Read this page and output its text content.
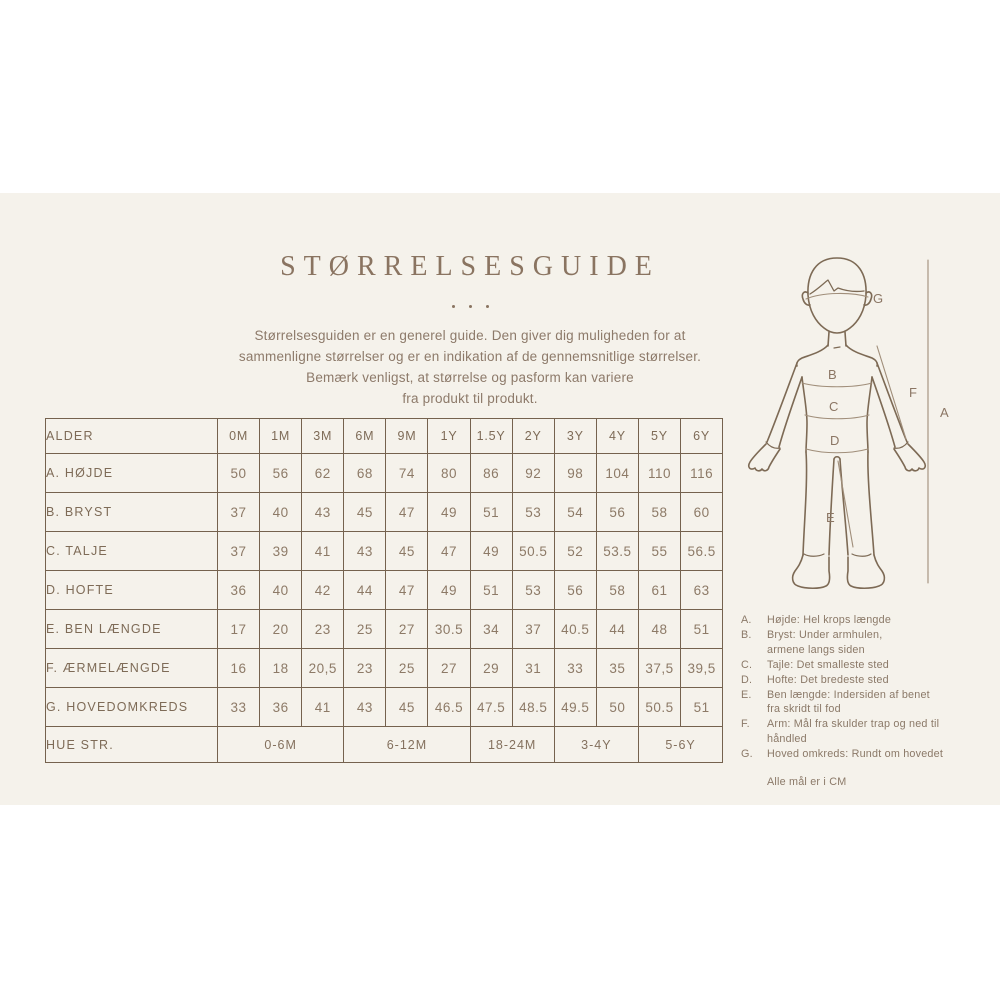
STØRRELSESGUIDE
Størrelsesguiden er en generel guide. Den giver dig muligheden for at
sammenligne størrelser og er en indikation af de gennemsnitlige størrelser.
Bemærk venligst, at størrelse og pasform kan variere
fra produkt til produkt.
ALDER	0M	1M	3M	6M	9M	1Y	1.5Y	2Y	3Y	4Y	5Y	6Y
A. HØJDE	50	56	62	68	74	80	86	92	98	104	110	116
B. BRYST	37	40	43	45	47	49	51	53	54	56	58	60
C. TALJE	37	39	41	43	45	47	49	50.5	52	53.5	55	56.5
D. HOFTE	36	40	42	44	47	49	51	53	56	58	61	63
E. BEN LÆNGDE	17	20	23	25	27	30.5	34	37	40.5	44	48	51
F. ÆRMELÆNGDE	16	18	20,5	23	25	27	29	31	33	35	37,5	39,5
G. HOVEDOMKREDS	33	36	41	43	45	46.5	47.5	48.5	49.5	50	50.5	51
HUE STR.	0-6M			6-12M			18-24M		3-4Y		5-6Y	
G
B
C
D
E
F
A
A.	Højde: Hel krops længde
B.	Bryst: Under armhulen,
armene langs siden
C.	Tajle: Det smalleste sted
D.	Hofte: Det bredeste sted
E.	Ben længde: Indersiden af benet
fra skridt til fod
F.	Arm: Mål fra skulder trap og ned til
håndled
G.	Hoved omkreds: Rundt om hovedet
Alle mål er i CM
